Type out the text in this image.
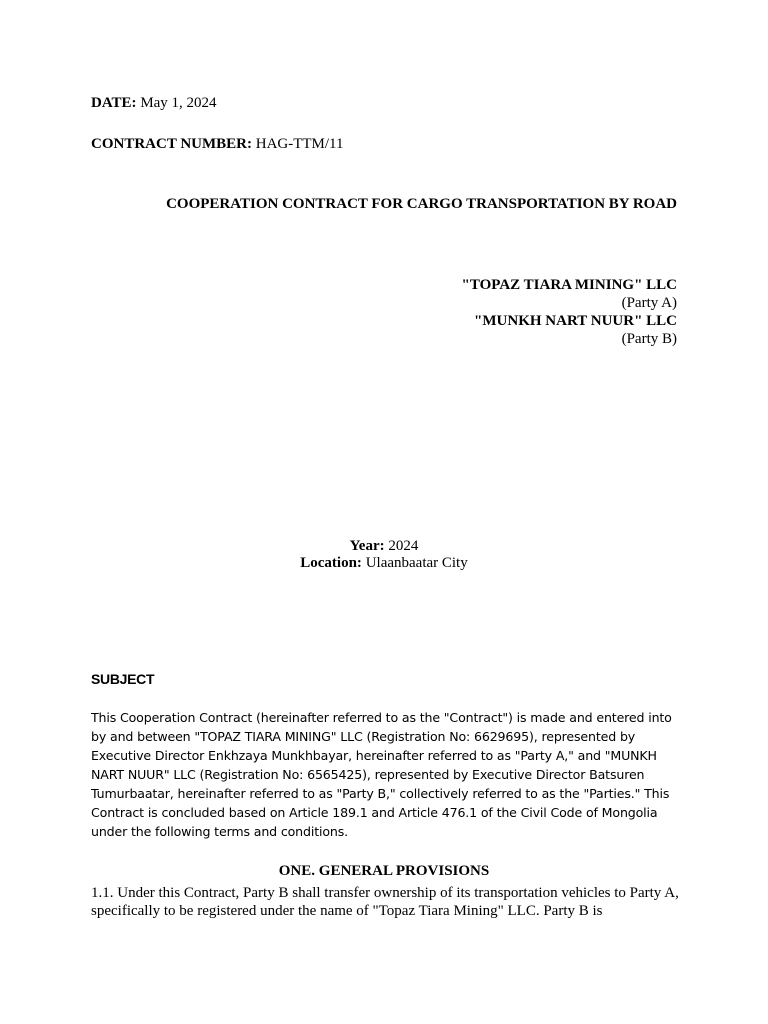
DATE: May 1, 2024
CONTRACT NUMBER: HAG-TTM/11
COOPERATION CONTRACT FOR CARGO TRANSPORTATION BY ROAD
"TOPAZ TIARA MINING" LLC
(Party A)
"MUNKH NART NUUR" LLC
(Party B)
Year: 2024
Location: Ulaanbaatar City
SUBJECT
This Cooperation Contract (hereinafter referred to as the "Contract") is made and entered into by and between "TOPAZ TIARA MINING" LLC (Registration No: 6629695), represented by Executive Director Enkhzaya Munkhbayar, hereinafter referred to as "Party A," and "MUNKH NART NUUR" LLC (Registration No: 6565425), represented by Executive Director Batsuren Tumurbaatar, hereinafter referred to as "Party B," collectively referred to as the "Parties." This Contract is concluded based on Article 189.1 and Article 476.1 of the Civil Code of Mongolia under the following terms and conditions.
ONE. GENERAL PROVISIONS
1.1. Under this Contract, Party B shall transfer ownership of its transportation vehicles to Party A, specifically to be registered under the name of "Topaz Tiara Mining" LLC. Party B is
